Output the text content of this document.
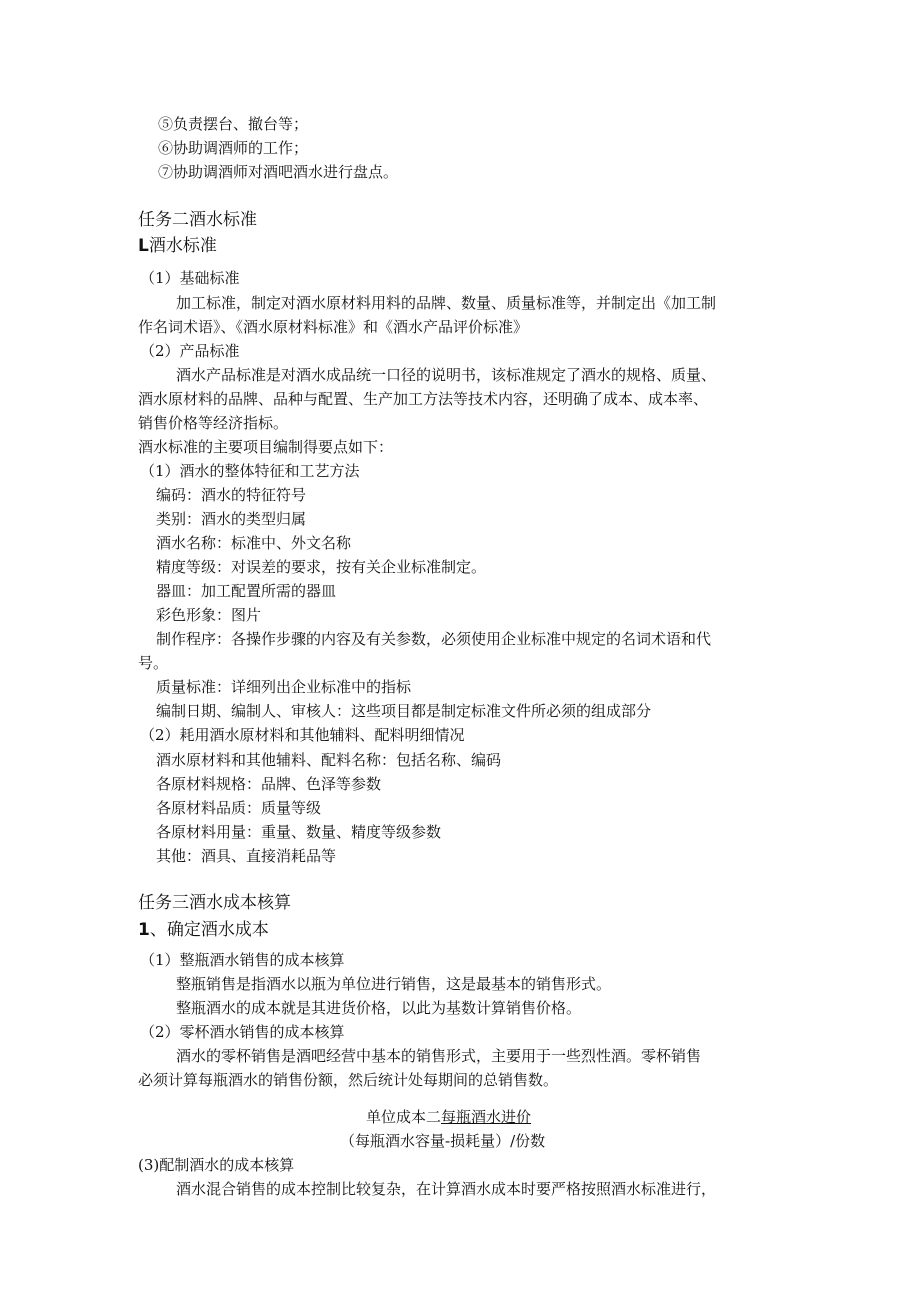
⑤负责摆台、撤台等；
⑥协助调酒师的工作；
⑦协助调酒师对酒吧酒水进行盘点。
任务二酒水标准
L酒水标准
（1）基础标准
加工标准，制定对酒水原材料用料的品牌、数量、质量标准等，并制定出《加工制
作名词术语》、《酒水原材料标准》和《酒水产品评价标准》
（2）产品标准
酒水产品标准是对酒水成品统一口径的说明书，该标准规定了酒水的规格、质量、
酒水原材料的品牌、品种与配置、生产加工方法等技术内容，还明确了成本、成本率、
销售价格等经济指标。
酒水标准的主要项目编制得要点如下：
（1）酒水的整体特征和工艺方法
编码：酒水的特征符号
类别：酒水的类型归属
酒水名称：标准中、外文名称
精度等级：对误差的要求，按有关企业标准制定。
器皿：加工配置所需的器皿
彩色形象：图片
制作程序：各操作步骤的内容及有关参数，必须使用企业标准中规定的名词术语和代
号。
质量标准：详细列出企业标准中的指标
编制日期、编制人、审核人：这些项目都是制定标准文件所必须的组成部分
（2）耗用酒水原材料和其他辅料、配料明细情况
酒水原材料和其他辅料、配料名称：包括名称、编码
各原材料规格：品牌、色泽等参数
各原材料品质：质量等级
各原材料用量：重量、数量、精度等级参数
其他：酒具、直接消耗品等
任务三酒水成本核算
1、确定酒水成本
（1）整瓶酒水销售的成本核算
整瓶销售是指酒水以瓶为单位进行销售，这是最基本的销售形式。
整瓶酒水的成本就是其进货价格，以此为基数计算销售价格。
（2）零杯酒水销售的成本核算
酒水的零杯销售是酒吧经营中基本的销售形式，主要用于一些烈性酒。零杯销售
必须计算每瓶酒水的销售份额，然后统计处每期间的总销售数。
单位成本二每瓶酒水进价
（每瓶酒水容量-损耗量）/份数
(3)配制酒水的成本核算
酒水混合销售的成本控制比较复杂，在计算酒水成本时要严格按照酒水标准进行，
